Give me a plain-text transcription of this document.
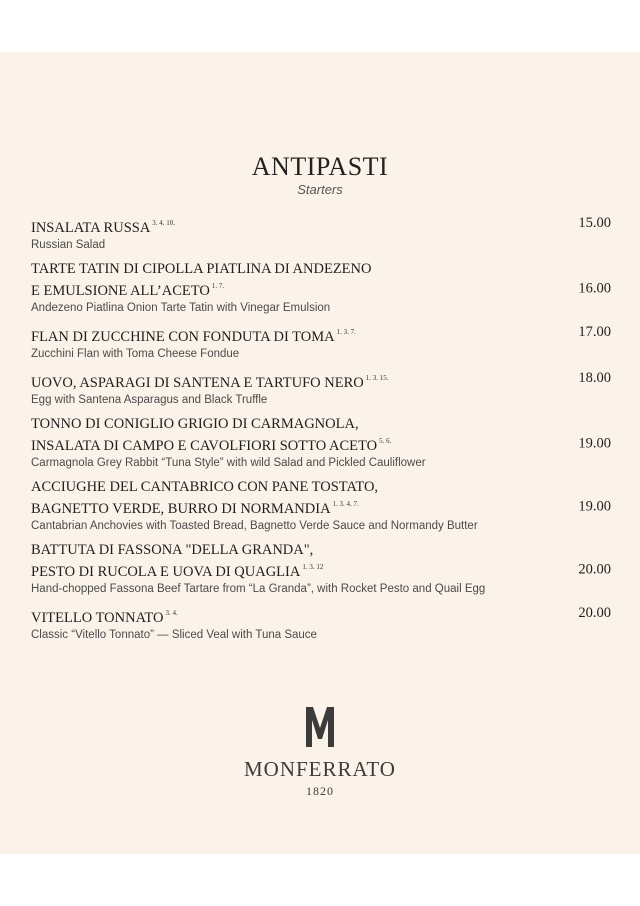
ANTIPASTI
Starters
INSALATA RUSSA $^{3. 4. 10.}$
Russian Salad
15.00
TARTE TATIN DI CIPOLLA PIATLINA DI ANDEZENO
E EMULSIONE ALL’ACETO $^{1. 7.}$
Andezeno Piatlina Onion Tarte Tatin with Vinegar Emulsion
16.00
FLAN DI ZUCCHINE CON FONDUTA DI TOMA $^{1. 3. 7.}$
Zucchini Flan with Toma Cheese Fondue
17.00
UOVO, ASPARAGI DI SANTENA E TARTUFO NERO $^{1. 3. 15.}$
Egg with Santena Asparagus and Black Truffle
18.00
TONNO DI CONIGLIO GRIGIO DI CARMAGNOLA,
INSALATA DI CAMPO E CAVOLFIORI SOTTO ACETO $^{5. 6.}$
Carmagnola Grey Rabbit “Tuna Style” with wild Salad and Pickled Cauliflower
19.00
ACCIUGHE DEL CANTABRICO CON PANE TOSTATO,
BAGNETTO VERDE, BURRO DI NORMANDIA $^{1. 3. 4. 7.}$
Cantabrian Anchovies with Toasted Bread, Bagnetto Verde Sauce and Normandy Butter
19.00
BATTUTA DI FASSONA "DELLA GRANDA",
PESTO DI RUCOLA E UOVA DI QUAGLIA $^{1. 3. 12}$
Hand-chopped Fassona Beef Tartare from “La Granda”, with Rocket Pesto and Quail Egg
20.00
VITELLO TONNATO $^{3. 4.}$
Classic “Vitello Tonnato” — Sliced Veal with Tuna Sauce
20.00
MONFERRATO
1820
